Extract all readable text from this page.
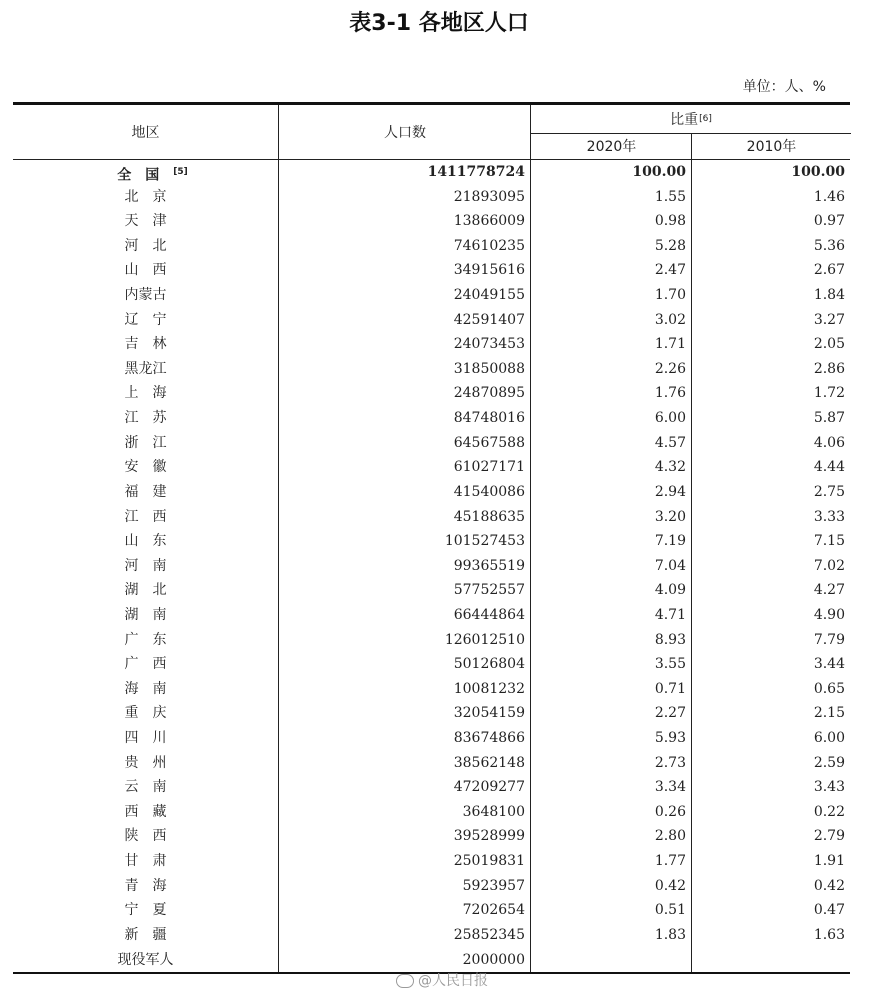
表3-1 各地区人口
单位：人、%
地区	人口数
比重 [6]
2020年	2010年
全国[5]	1411778724	100.00	100.00
北京	21893095	1.55	1.46
天津	13866009	0.98	0.97
河北	74610235	5.28	5.36
山西	34915616	2.47	2.67
内蒙古	24049155	1.70	1.84
辽宁	42591407	3.02	3.27
吉林	24073453	1.71	2.05
黑龙江	31850088	2.26	2.86
上海	24870895	1.76	1.72
江苏	84748016	6.00	5.87
浙江	64567588	4.57	4.06
安徽	61027171	4.32	4.44
福建	41540086	2.94	2.75
江西	45188635	3.20	3.33
山东	101527453	7.19	7.15
河南	99365519	7.04	7.02
湖北	57752557	4.09	4.27
湖南	66444864	4.71	4.90
广东	126012510	8.93	7.79
广西	50126804	3.55	3.44
海南	10081232	0.71	0.65
重庆	32054159	2.27	2.15
四川	83674866	5.93	6.00
贵州	38562148	2.73	2.59
云南	47209277	3.34	3.43
西藏	3648100	0.26	0.22
陕西	39528999	2.80	2.79
甘肃	25019831	1.77	1.91
青海	5923957	0.42	0.42
宁夏	7202654	0.51	0.47
新疆	25852345	1.83	1.63
现役军人	2000000
@人民日报
